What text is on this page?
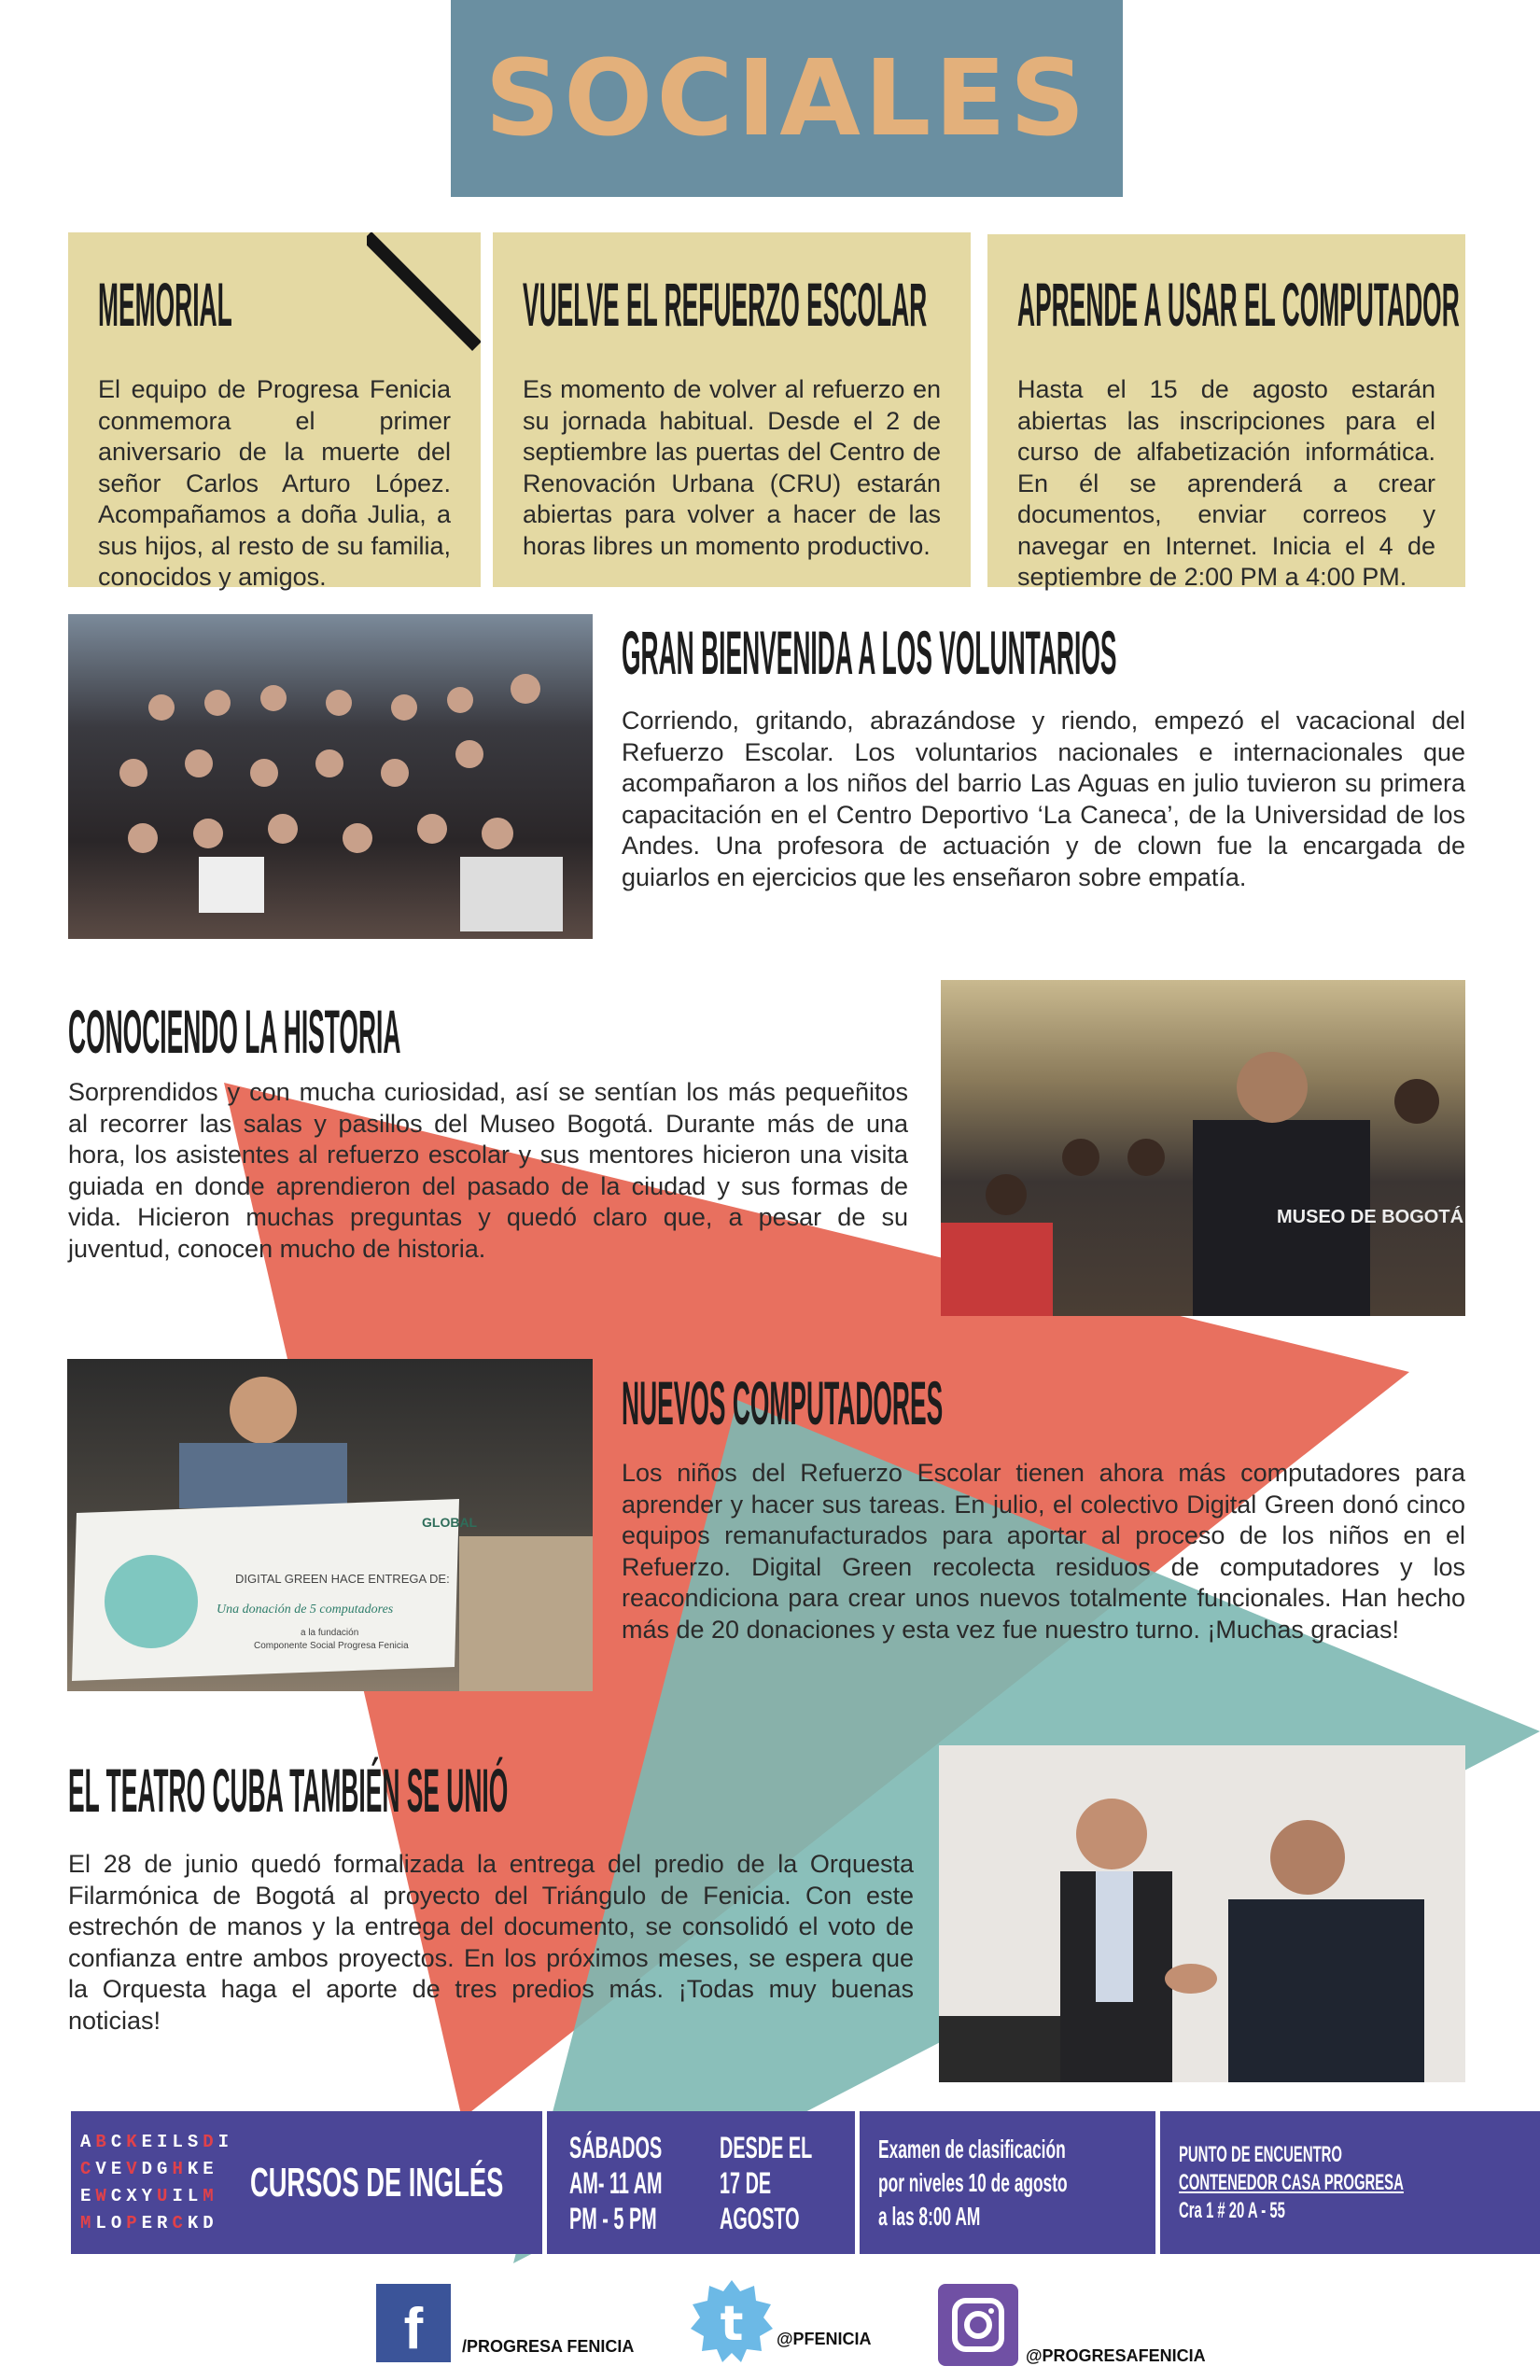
SOCIALES
MEMORIAL
El equipo de Progresa Fenicia conmemora el primer aniversario de la muerte del señor Carlos Arturo López. Acompañamos a doña Julia, a sus hijos, al resto de su familia, conocidos y amigos.
VUELVE EL REFUERZO ESCOLAR
Es momento de volver al refuerzo en su jornada habitual. Desde el 2 de septiembre las puertas del Centro de Renovación Urbana (CRU) estarán abiertas para volver a hacer de las horas libres un momento productivo.
APRENDE A USAR EL COMPUTADOR
Hasta el 15 de agosto estarán abiertas las inscripciones para el curso de alfabetización informática. En él se aprenderá a crear documentos, enviar correos y navegar en Internet. Inicia el 4 de septiembre de 2:00 PM a 4:00 PM.
GRAN BIENVENIDA A LOS VOLUNTARIOS
Corriendo, gritando, abrazándose y riendo, empezó el vacacional del Refuerzo Escolar. Los voluntarios nacionales e internacionales que acompañaron a los niños del barrio Las Aguas en julio tuvieron su primera capacitación en el Centro Deportivo ‘La Caneca’, de la Universidad de los Andes. Una profesora de actuación y de clown fue la encargada de guiarlos en ejercicios que les enseñaron sobre empatía.
CONOCIENDO LA HISTORIA
Sorprendidos y con mucha curiosidad, así se sentían los más pequeñitos al recorrer las salas y pasillos del Museo Bogotá. Durante más de una hora, los asistentes al refuerzo escolar y sus mentores hicieron una visita guiada en donde aprendieron del pasado de la ciudad y sus formas de vida. Hicieron muchas preguntas y quedó claro que, a pesar de su juventud, conocen mucho de historia.
MUSEO DE BOGOTÁ
GLOBAL
DIGITAL GREEN HACE ENTREGA DE:
Una donación de 5 computadores
a la fundación
Componente Social Progresa Fenicia
NUEVOS COMPUTADORES
Los niños del Refuerzo Escolar tienen ahora más computadores para aprender y hacer sus tareas. En julio, el colectivo Digital Green donó cinco equipos remanufacturados para aportar al proceso de los niños en el Refuerzo. Digital Green recolecta residuos de computadores y los reacondiciona para crear unos nuevos totalmente funcionales. Han hecho más de 20 donaciones y esta vez fue nuestro turno. ¡Muchas gracias!
EL TEATRO CUBA TAMBIÉN SE UNIÓ
El 28 de junio quedó formalizada la entrega del predio de la Orquesta Filarmónica de Bogotá al proyecto del Triángulo de Fenicia. Con este estrechón de manos y la entrega del documento, se consolidó el voto de confianza entre ambos proyectos. En los próximos meses, se espera que la Orquesta haga el aporte de tres predios más. ¡Todas muy buenas noticias!
ABCKEILSDI
CVEVDGHKE
EWCXYUILM
MLOPERCKD
CURSOS DE INGLÉS
SÁBADOS
AM- 11 AM
PM - 5 PM
DESDE EL
17 DE
AGOSTO
Examen de clasificación
por niveles 10 de agosto
a las 8:00 AM
PUNTO DE ENCUENTRO
CONTENEDOR CASA PROGRESA
Cra 1 # 20 A - 55
f	/PROGRESA FENICIA t @PFENICIA
@PROGRESAFENICIA
